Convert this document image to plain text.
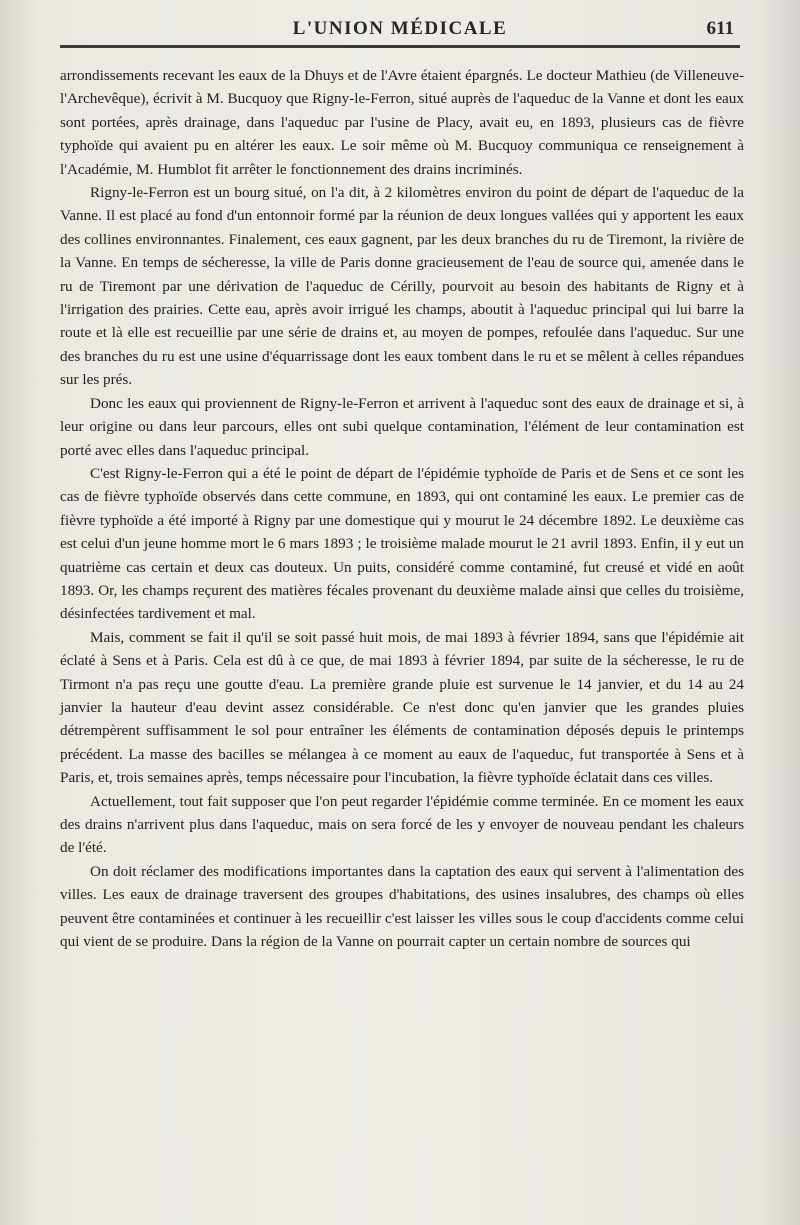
L'UNION MÉDICALE	611

arrondissements recevant les eaux de la Dhuys et de l'Avre étaient épargnés. Le docteur Mathieu (de Villeneuve-l'Archevêque), écrivit à M. Bucquoy que Rigny-le-Ferron, situé auprès de l'aqueduc de la Vanne et dont les eaux sont portées, après drainage, dans l'aqueduc par l'usine de Placy, avait eu, en 1893, plusieurs cas de fièvre typhoïde qui avaient pu en altérer les eaux. Le soir même où M. Bucquoy communiqua ce renseignement à l'Académie, M. Humblot fit arrêter le fonctionnement des drains incriminés.

Rigny-le-Ferron est un bourg situé, on l'a dit, à 2 kilomètres environ du point de départ de l'aqueduc de la Vanne. Il est placé au fond d'un entonnoir formé par la réunion de deux longues vallées qui y apportent les eaux des collines environnantes. Finalement, ces eaux gagnent, par les deux branches du ru de Tiremont, la rivière de la Vanne. En temps de sécheresse, la ville de Paris donne gracieusement de l'eau de source qui, amenée dans le ru de Tiremont par une dérivation de l'aqueduc de Cérilly, pourvoit au besoin des habitants de Rigny et à l'irrigation des prairies. Cette eau, après avoir irrigué les champs, aboutit à l'aqueduc principal qui lui barre la route et là elle est recueillie par une série de drains et, au moyen de pompes, refoulée dans l'aqueduc. Sur une des branches du ru est une usine d'équarrissage dont les eaux tombent dans le ru et se mêlent à celles répandues sur les prés.

Donc les eaux qui proviennent de Rigny-le-Ferron et arrivent à l'aqueduc sont des eaux de drainage et si, à leur origine ou dans leur parcours, elles ont subi quelque contamination, l'élément de leur contamination est porté avec elles dans l'aqueduc principal.

C'est Rigny-le-Ferron qui a été le point de départ de l'épidémie typhoïde de Paris et de Sens et ce sont les cas de fièvre typhoïde observés dans cette commune, en 1893, qui ont contaminé les eaux. Le premier cas de fièvre typhoïde a été importé à Rigny par une domestique qui y mourut le 24 décembre 1892. Le deuxième cas est celui d'un jeune homme mort le 6 mars 1893 ; le troisième malade mourut le 21 avril 1893. Enfin, il y eut un quatrième cas certain et deux cas douteux. Un puits, considéré comme contaminé, fut creusé et vidé en août 1893. Or, les champs reçurent des matières fécales provenant du deuxième malade ainsi que celles du troisième, désinfectées tardivement et mal.

Mais, comment se fait il qu'il se soit passé huit mois, de mai 1893 à février 1894, sans que l'épidémie ait éclaté à Sens et à Paris. Cela est dû à ce que, de mai 1893 à février 1894, par suite de la sécheresse, le ru de Tirmont n'a pas reçu une goutte d'eau. La première grande pluie est survenue le 14 janvier, et du 14 au 24 janvier la hauteur d'eau devint assez considérable. Ce n'est donc qu'en janvier que les grandes pluies détrempèrent suffisamment le sol pour entraîner les éléments de contamination déposés depuis le printemps précédent. La masse des bacilles se mélangea à ce moment au eaux de l'aqueduc, fut transportée à Sens et à Paris, et, trois semaines après, temps nécessaire pour l'incubation, la fièvre typhoïde éclatait dans ces villes.

Actuellement, tout fait supposer que l'on peut regarder l'épidémie comme terminée. En ce moment les eaux des drains n'arrivent plus dans l'aqueduc, mais on sera forcé de les y envoyer de nouveau pendant les chaleurs de l'été.

On doit réclamer des modifications importantes dans la captation des eaux qui servent à l'alimentation des villes. Les eaux de drainage traversent des groupes d'habitations, des usines insalubres, des champs où elles peuvent être contaminées et continuer à les recueillir c'est laisser les villes sous le coup d'accidents comme celui qui vient de se produire. Dans la région de la Vanne on pourrait capter un certain nombre de sources qui
